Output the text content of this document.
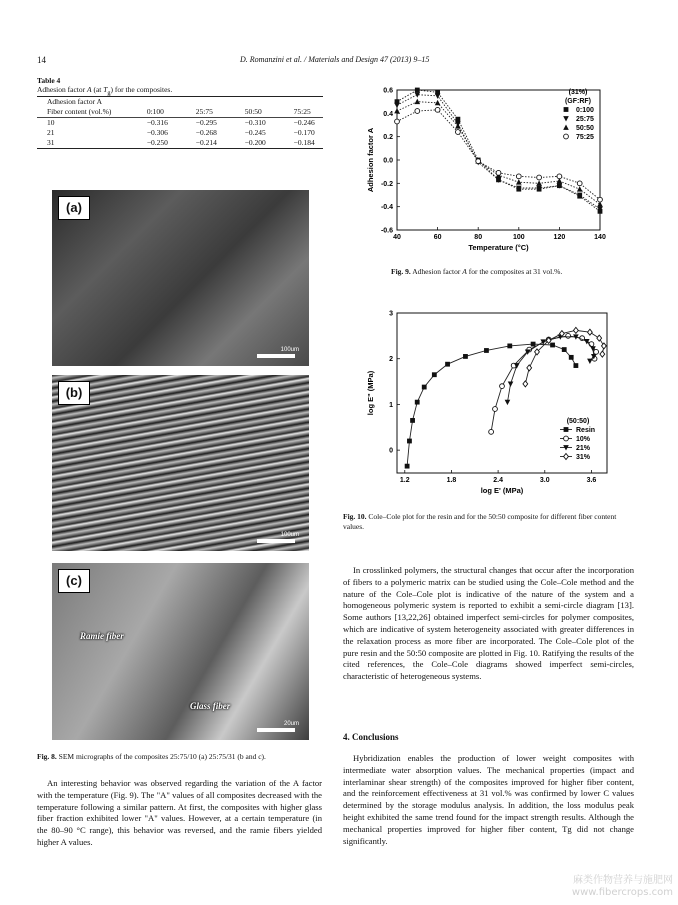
14	D. Romanzini et al. / Materials and Design 47 (2013) 9–15
Table 4
Adhesion factor A (at $T_g$) for the composites.
Adhesion factor A
Fiber content (vol.%)	0:100	25:75	50:50	75:25
10	−0.316	−0.295	−0.310	−0.246
21	−0.306	−0.268	−0.245	−0.170
31	−0.250	−0.214	−0.200	−0.184
(a)
100um
(b)
100um
(c)
Ramie fiber
Glass fiber
20um
Fig. 8. SEM micrographs of the composites 25:75/10 (a) 25:75/31 (b and c).
An interesting behavior was observed regarding the variation of the A factor with the temperature (Fig. 9). The "A" values of all composites decreased with the temperature following a similar pattern. At first, the composites with higher glass fiber fraction exhibited lower "A" values. However, at a certain temperature (in the 80–90 °C range), this behavior was reversed, and the ramie fibers yielded higher A values.
40	60	80	100	120	140
-0.6
-0.4
-0.2
0.0
0.2
0.4
0.6
Temperature (°C)
Adhesion factor A
(31%)
(GF:RF)
0:100
25:75
50:50
75:25
Fig. 9. Adhesion factor A for the composites at 31 vol.%.
1.2	1.8	2.4	3.0	3.6
0
1
2
3
log E' (MPa)
log E" (MPa)
(50:50)
Resin
10%
21%
31%
Fig. 10. Cole–Cole plot for the resin and for the 50:50 composite for different fiber content values.
In crosslinked polymers, the structural changes that occur after the incorporation of fibers to a polymeric matrix can be studied using the Cole–Cole method and the nature of the Cole–Cole plot is indicative of the nature of the system and a homogeneous polymeric system is reported to exhibit a semi-circle diagram [13]. Some authors [13,22,26] obtained imperfect semi-circles for polymer composites, which are indicative of system heterogeneity associated with greater differences in the relaxation process as more fiber are incorporated. The Cole–Cole plot of the pure resin and the 50:50 composite are plotted in Fig. 10. Ratifying the results of the cited references, the Cole–Cole diagrams showed imperfect semi-circles, characteristic of heterogeneous systems.
4. Conclusions
Hybridization enables the production of lower weight composites with intermediate water absorption values. The mechanical properties (impact and interlaminar shear strength) of the composites improved for higher fiber content, and the reinforcement effectiveness at 31 vol.% was confirmed by lower C values determined by the storage modulus analysis. In addition, the loss modulus peak height exhibited the same trend found for the impact strength results. Although the mechanical properties improved for higher fiber content, Tg did not change significantly.
麻类作物营养与施肥网
www.fibercrops.com
